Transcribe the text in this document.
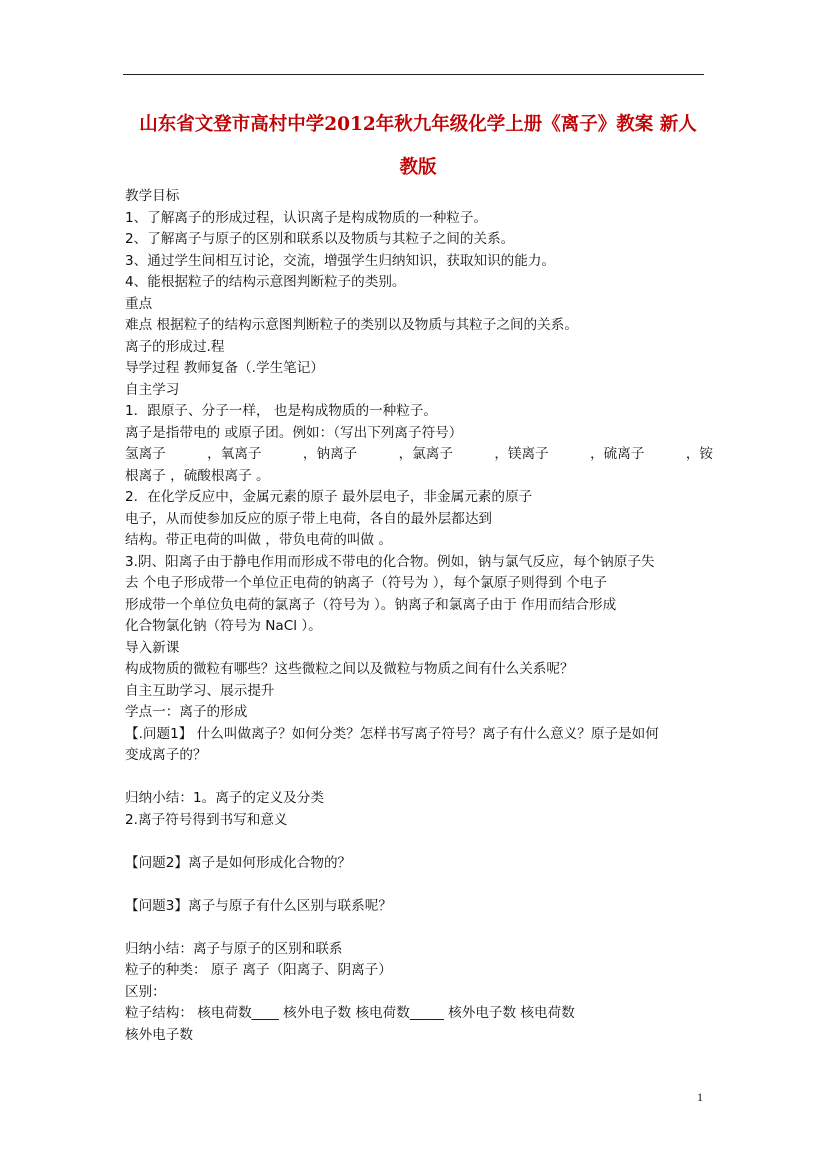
山东省文登市高村中学2012年秋九年级化学上册《离子》教案 新人
教版
教学目标
1、了解离子的形成过程，认识离子是构成物质的一种粒子。
2、了解离子与原子的区别和联系以及物质与其粒子之间的关系。
3、通过学生间相互讨论，交流，增强学生归纳知识，获取知识的能力。
4、能根据粒子的结构示意图判断粒子的类别。
重点
难点 根据粒子的结构示意图判断粒子的类别以及物质与其粒子之间的关系。
离子的形成过.程
导学过程 教师复备（.学生笔记）
自主学习
1．跟原子、分子一样， 也是构成物质的一种粒子。
离子是指带电的 或原子团。例如：（写出下列离子符号）
氢离子	，氧离子	，钠离子	，氯离子	，镁离子	，硫离子	，铵
根离子 ，硫酸根离子 。
2．在化学反应中，金属元素的原子 最外层电子，非金属元素的原子
电子，从而使参加反应的原子带上电荷，各自的最外层都达到
结构。带正电荷的叫做 ，带负电荷的叫做 。
3.阴、阳离子由于静电作用而形成不带电的化合物。例如，钠与氯气反应，每个钠原子失
去 个电子形成带一个单位正电荷的钠离子（符号为 ），每个氯原子则得到 个电子
形成带一个单位负电荷的氯离子（符号为 ）。钠离子和氯离子由于 作用而结合形成
化合物氯化钠（符号为 NaCl ）。
导入新课
构成物质的微粒有哪些？这些微粒之间以及微粒与物质之间有什么关系呢？
自主互助学习、展示提升
学点一：离子的形成
【.问题1】 什么叫做离子？如何分类？怎样书写离子符号？离子有什么意义？原子是如何
变成离子的？
归纳小结：1。离子的定义及分类
2.离子符号得到书写和意义
【问题2】离子是如何形成化合物的？
【问题3】离子与原子有什么区别与联系呢？
归纳小结：离子与原子的区别和联系
粒子的种类： 原子 离子（阳离子、阴离子）
区别：
粒子结构： 核电荷数____ 核外电子数 核电荷数_____ 核外电子数 核电荷数
核外电子数
1
